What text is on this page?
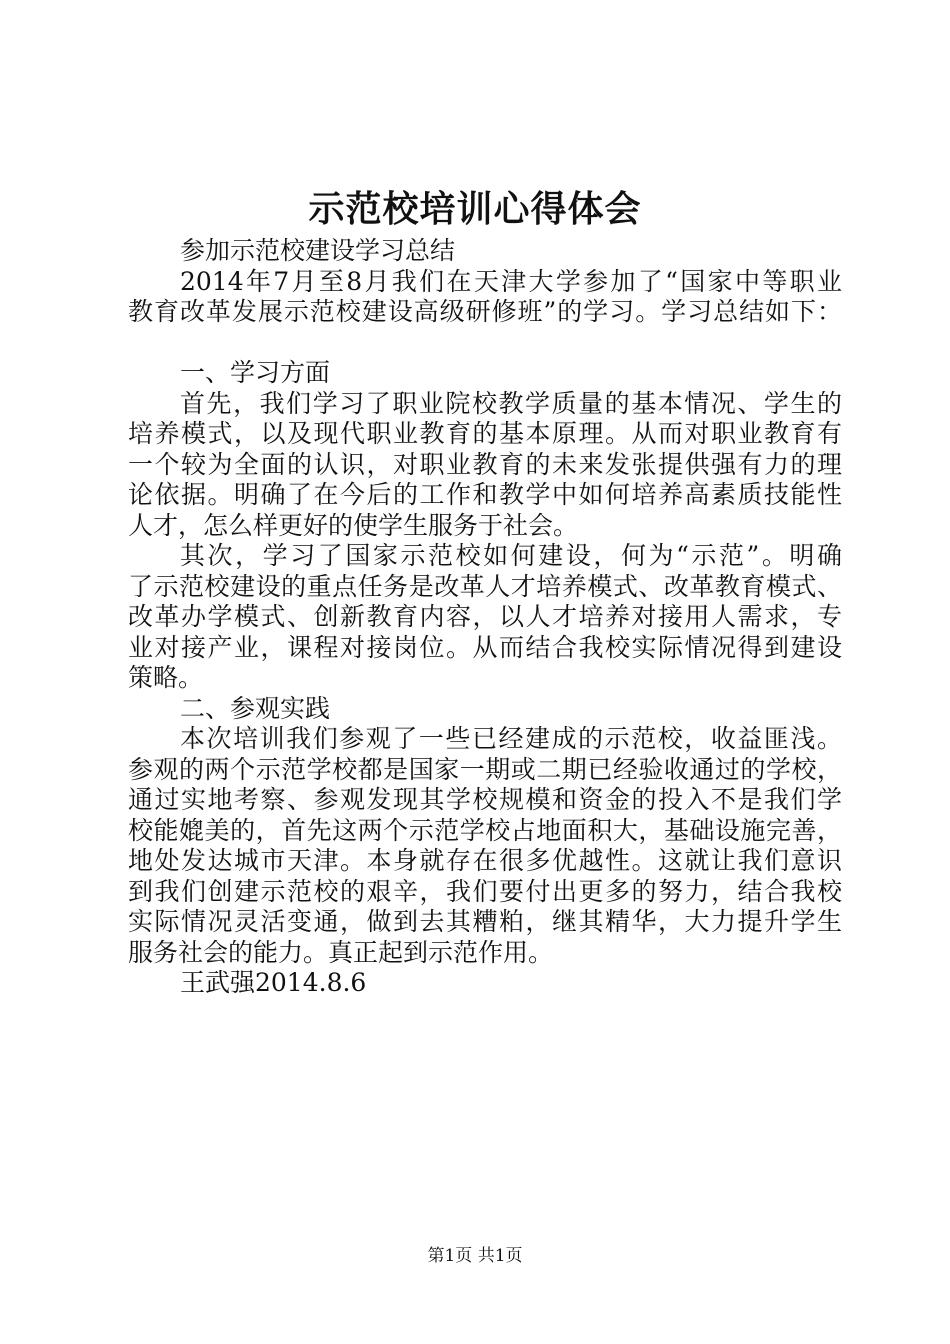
示范校培训心得体会
参加示范校建设学习总结
2014年7月至8月我们在天津大学参加了“国家中等职业
教育改革发展示范校建设高级研修班”的学习。学习总结如下：
一、学习方面
首先，我们学习了职业院校教学质量的基本情况、学生的
培养模式，以及现代职业教育的基本原理。从而对职业教育有
一个较为全面的认识，对职业教育的未来发张提供强有力的理
论依据。明确了在今后的工作和教学中如何培养高素质技能性
人才，怎么样更好的使学生服务于社会。
其次，学习了国家示范校如何建设，何为“示范”。明确
了示范校建设的重点任务是改革人才培养模式、改革教育模式、
改革办学模式、创新教育内容，以人才培养对接用人需求，专
业对接产业，课程对接岗位。从而结合我校实际情况得到建设
策略。
二、参观实践
本次培训我们参观了一些已经建成的示范校，收益匪浅。
参观的两个示范学校都是国家一期或二期已经验收通过的学校，
通过实地考察、参观发现其学校规模和资金的投入不是我们学
校能媲美的，首先这两个示范学校占地面积大，基础设施完善，
地处发达城市天津。本身就存在很多优越性。这就让我们意识
到我们创建示范校的艰辛，我们要付出更多的努力，结合我校
实际情况灵活变通，做到去其糟粕，继其精华，大力提升学生
服务社会的能力。真正起到示范作用。
王武强2014.8.6
第1页 共1页
